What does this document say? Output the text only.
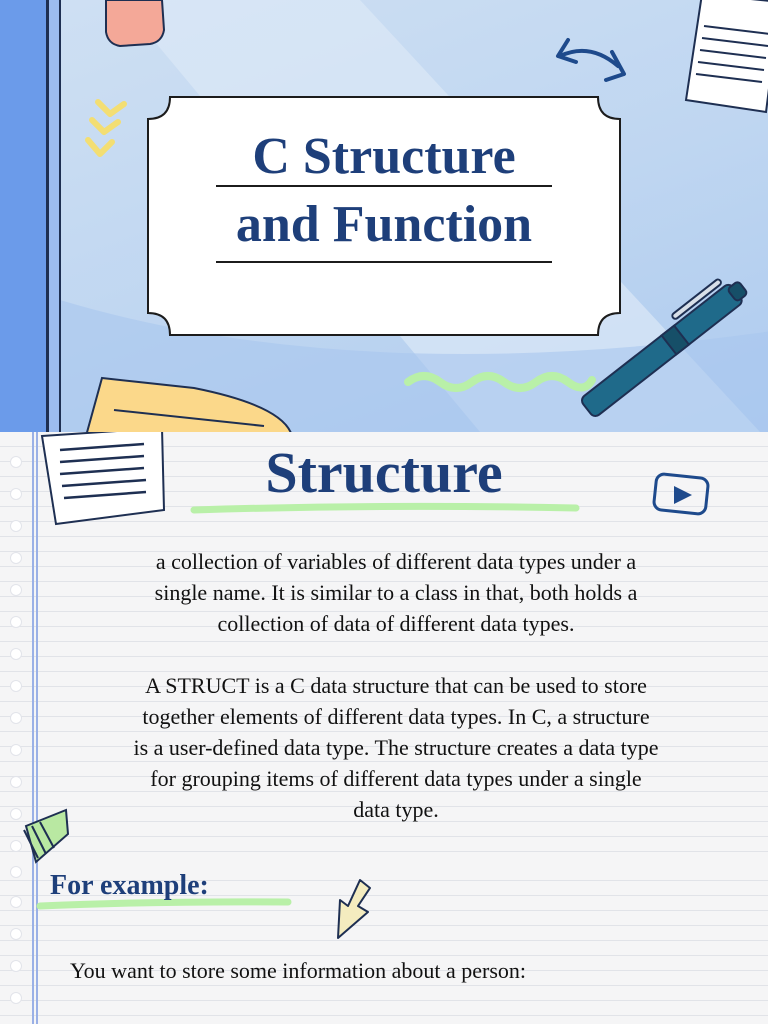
C Structure
and Function
Structure
a collection of variables of different data types under a
single name. It is similar to a class in that, both holds a
collection of data of different data types.
A STRUCT is a C data structure that can be used to store
together elements of different data types. In C, a structure
is a user-defined data type. The structure creates a data type
for grouping items of different data types under a single
data type.
For example:
You want to store some information about a person:
